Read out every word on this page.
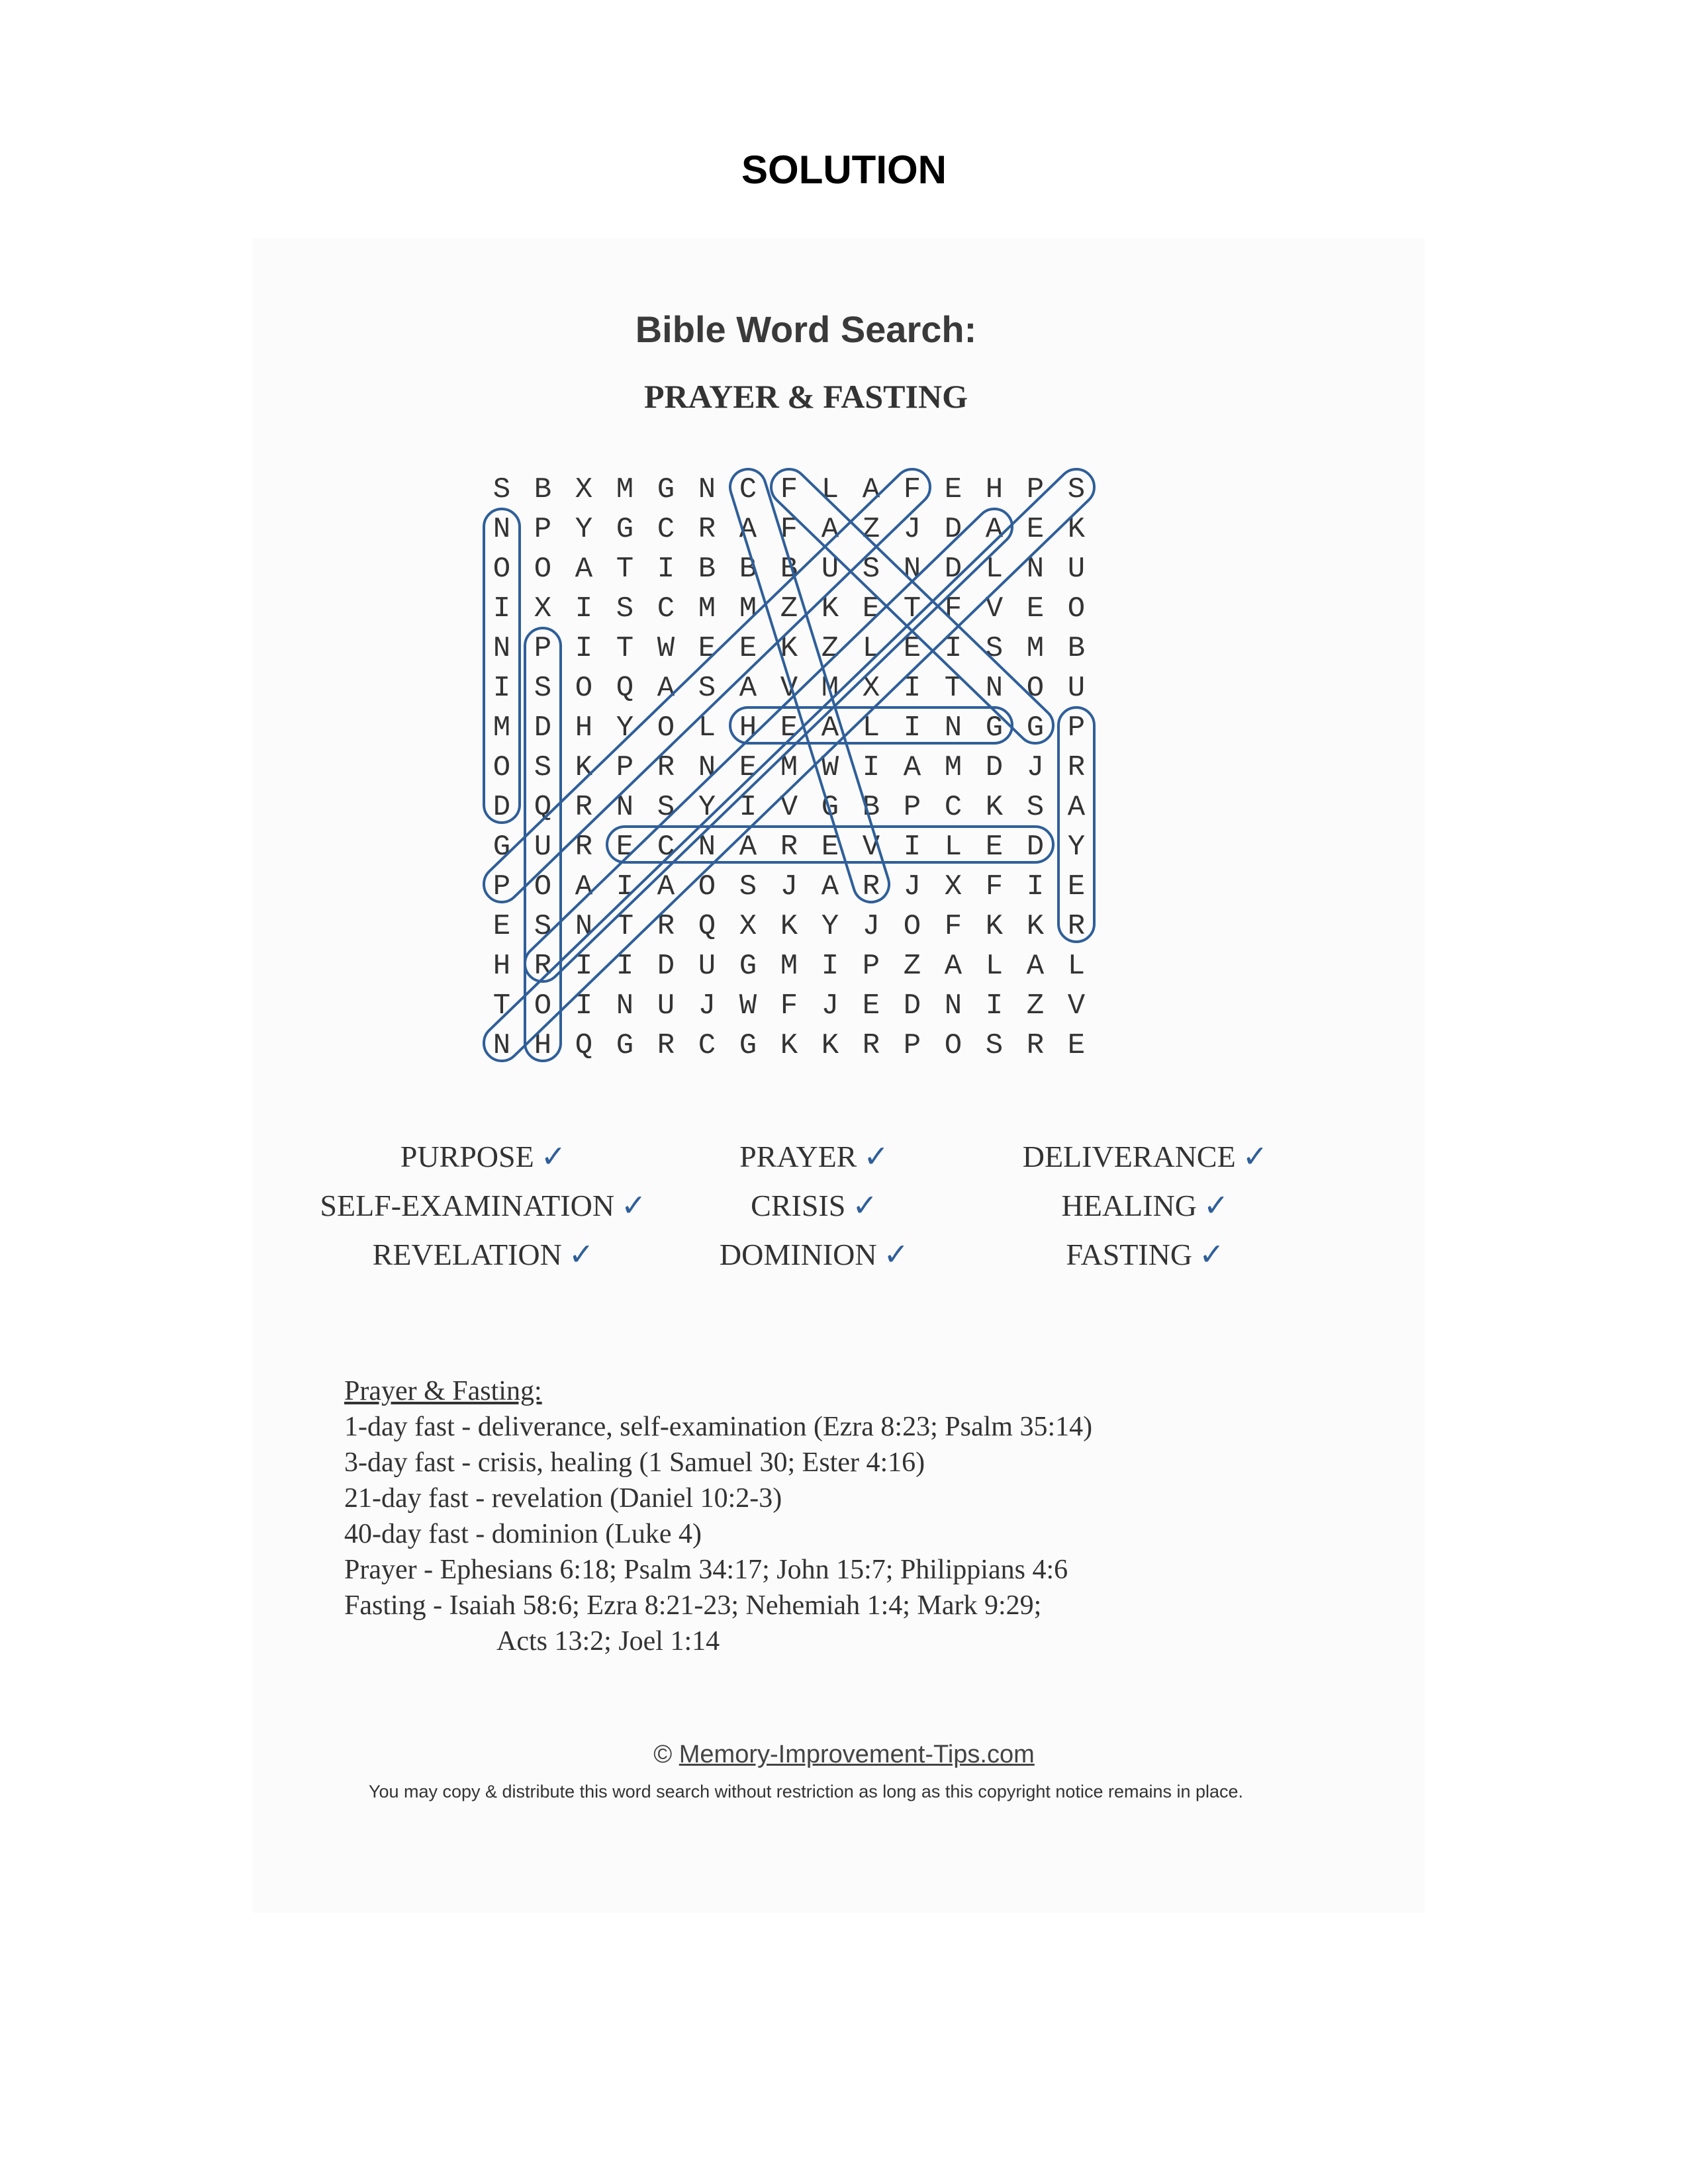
SOLUTION
Bible Word Search:
PRAYER & FASTING
S B X M G N C F L A F E H P S
N P Y G C R A F A Z J D A E K
O O A T I B B B U S N D L N U
I X I S C M M Z K E T F V E O
N P I T W E E K Z L E I S M B
I S O Q A S A V M X I T N O U
M D H Y O L H E A L I N G G P
O S K P R N E M W I A M D J R
D Q R N S Y I V G B P C K S A
G U R E C N A R E V I L E D Y
P O A I A O S J A R J X F I E
E S N T R Q X K Y J O F K K R
H R I I D U G M I P Z A L A L
T O I N U J W F J E D N I Z V
N H Q G R C G K K R P O S R E
PURPOSE ✓	PRAYER ✓	DELIVERANCE ✓
SELF-EXAMINATION ✓	CRISIS ✓	HEALING ✓
REVELATION ✓	DOMINION ✓	FASTING ✓
Prayer & Fasting:
1-day fast - deliverance, self-examination (Ezra 8:23; Psalm 35:14)
3-day fast - crisis, healing (1 Samuel 30; Ester 4:16)
21-day fast - revelation (Daniel 10:2-3)
40-day fast - dominion (Luke 4)
Prayer - Ephesians 6:18; Psalm 34:17; John 15:7; Philippians 4:6
Fasting - Isaiah 58:6; Ezra 8:21-23; Nehemiah 1:4; Mark 9:29;
Acts 13:2; Joel 1:14
© Memory-Improvement-Tips.com
You may copy & distribute this word search without restriction as long as this copyright notice remains in place.
